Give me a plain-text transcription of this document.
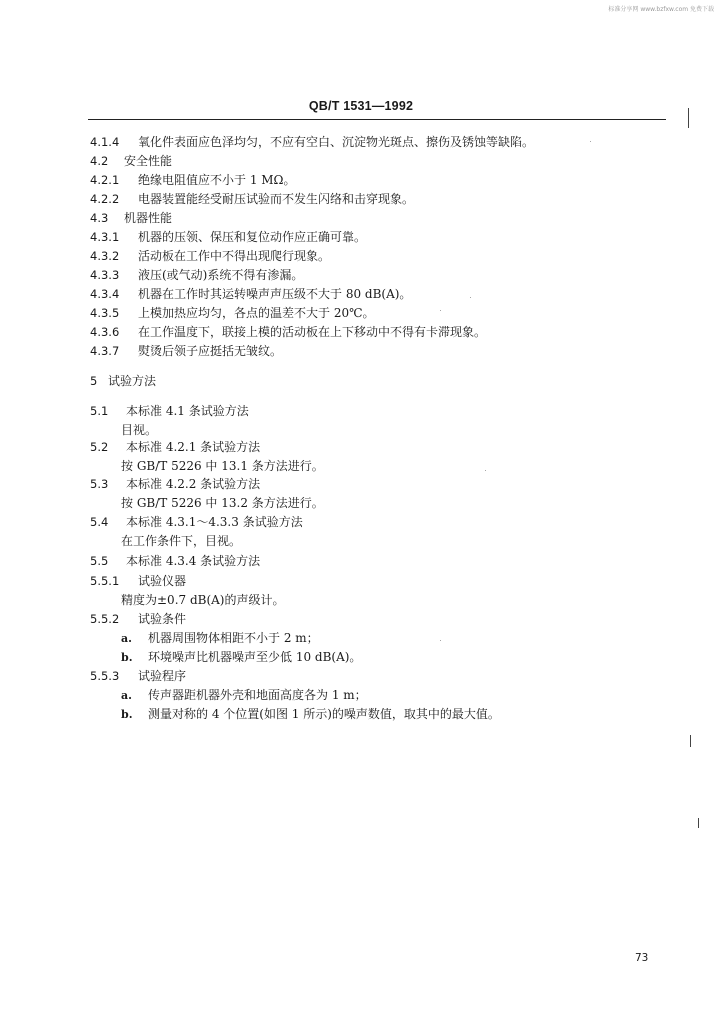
标准分享网 www.bzfxw.com 免费下载
QB/T 1531—1992
4.1.4 氧化件表面应色泽均匀，不应有空白、沉淀物光斑点、擦伤及锈蚀等缺陷。
4.2 安全性能
4.2.1 绝缘电阻值应不小于 1 MΩ。
4.2.2 电器装置能经受耐压试验而不发生闪络和击穿现象。
4.3 机器性能
4.3.1 机器的压领、保压和复位动作应正确可靠。
4.3.2 活动板在工作中不得出现爬行现象。
4.3.3 液压(或气动)系统不得有渗漏。
4.3.4 机器在工作时其运转噪声声压级不大于 80 dB(A)。
4.3.5 上模加热应均匀，各点的温差不大于 20℃。
4.3.6 在工作温度下，联接上模的活动板在上下移动中不得有卡滞现象。
4.3.7 熨烫后领子应挺括无皱纹。
5 试验方法
5.1 本标准 4.1 条试验方法
目视。
5.2 本标准 4.2.1 条试验方法
按 GB/T 5226 中 13.1 条方法进行。
5.3 本标准 4.2.2 条试验方法
按 GB/T 5226 中 13.2 条方法进行。
5.4 本标准 4.3.1～4.3.3 条试验方法
在工作条件下，目视。
5.5 本标准 4.3.4 条试验方法
5.5.1 试验仪器
精度为±0.7 dB(A)的声级计。
5.5.2 试验条件
a. 机器周围物体相距不小于 2 m；
b. 环境噪声比机器噪声至少低 10 dB(A)。
5.5.3 试验程序
a. 传声器距机器外壳和地面高度各为 1 m；
b. 测量对称的 4 个位置(如图 1 所示)的噪声数值，取其中的最大值。
73
